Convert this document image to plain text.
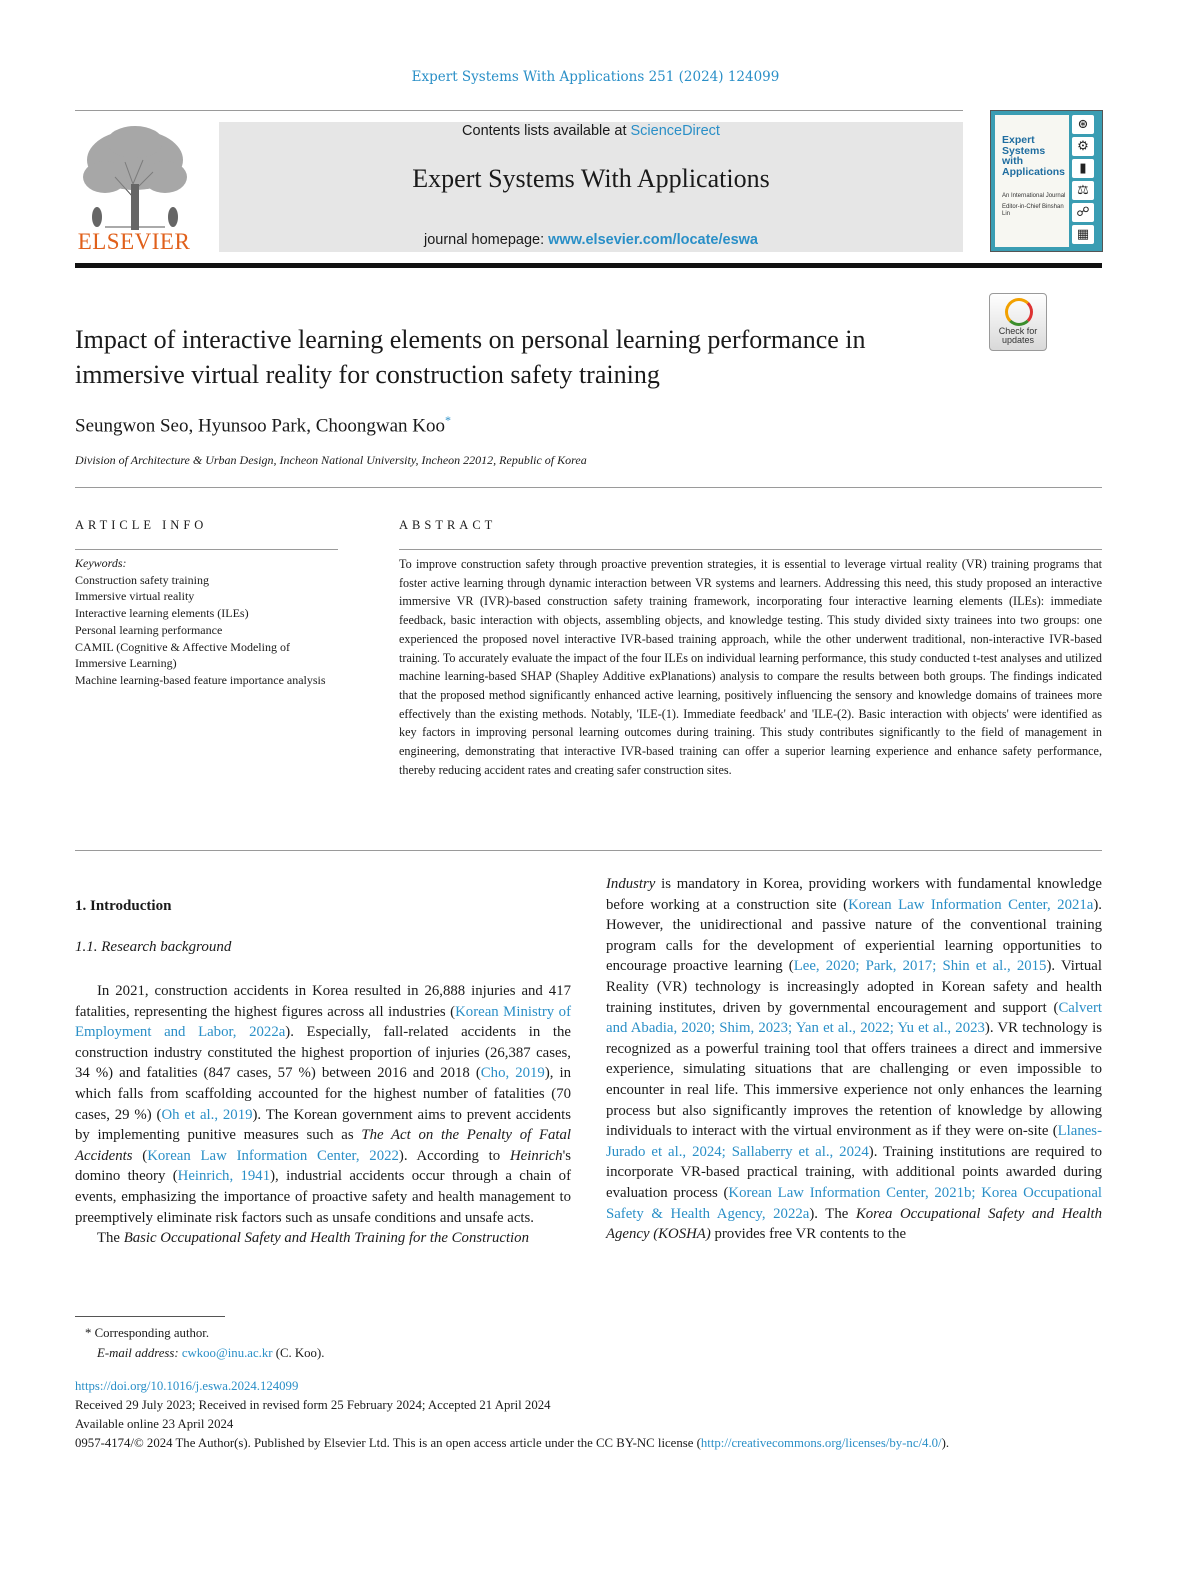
Expert Systems With Applications 251 (2024) 124099
ELSEVIER
Contents lists available at ScienceDirect
Expert Systems With Applications
journal homepage: www.elsevier.com/locate/eswa
Expert
Systems
with
Applications
An International Journal
Editor-in-Chief Binshan Lin
⊛
⚙
▮
⚖
☍
▦
Check for updates
Impact of interactive learning elements on personal learning performance in immersive virtual reality for construction safety training
Seungwon Seo, Hyunsoo Park, Choongwan Koo*
Division of Architecture & Urban Design, Incheon National University, Incheon 22012, Republic of Korea
ARTICLE INFO	ABSTRACT
Keywords:
Construction safety training
Immersive virtual reality
Interactive learning elements (ILEs)
Personal learning performance
CAMIL (Cognitive & Affective Modeling of Immersive Learning)
Machine learning-based feature importance analysis
To improve construction safety through proactive prevention strategies, it is essential to leverage virtual reality (VR) training programs that foster active learning through dynamic interaction between VR systems and learners. Addressing this need, this study proposed an interactive immersive VR (IVR)-based construction safety training framework, incorporating four interactive learning elements (ILEs): immediate feedback, basic interaction with objects, assembling objects, and knowledge testing. This study divided sixty trainees into two groups: one experienced the proposed novel interactive IVR-based training approach, while the other underwent traditional, non-interactive IVR-based training. To accurately evaluate the impact of the four ILEs on individual learning performance, this study conducted t-test analyses and utilized machine learning-based SHAP (Shapley Additive exPlanations) analysis to compare the results between both groups. The findings indicated that the proposed method significantly enhanced active learning, positively influencing the sensory and knowledge domains of trainees more effectively than the existing methods. Notably, 'ILE-(1). Immediate feedback' and 'ILE-(2). Basic interaction with objects' were identified as key factors in improving personal learning outcomes during training. This study contributes significantly to the field of management in engineering, demonstrating that interactive IVR-based training can offer a superior learning experience and enhance safety performance, thereby reducing accident rates and creating safer construction sites.
1. Introduction
1.1. Research background

In 2021, construction accidents in Korea resulted in 26,888 injuries and 417 fatalities, representing the highest figures across all industries (Korean Ministry of Employment and Labor, 2022a). Especially, fall-related accidents in the construction industry constituted the highest proportion of injuries (26,387 cases, 34 %) and fatalities (847 cases, 57 %) between 2016 and 2018 (Cho, 2019), in which falls from scaffolding accounted for the highest number of fatalities (70 cases, 29 %) (Oh et al., 2019). The Korean government aims to prevent accidents by implementing punitive measures such as The Act on the Penalty of Fatal Accidents (Korean Law Information Center, 2022). According to Heinrich's domino theory (Heinrich, 1941), industrial accidents occur through a chain of events, emphasizing the importance of proactive safety and health management to preemptively eliminate risk factors such as unsafe conditions and unsafe acts.

The Basic Occupational Safety and Health Training for the Construction

Industry is mandatory in Korea, providing workers with fundamental knowledge before working at a construction site (Korean Law Information Center, 2021a). However, the unidirectional and passive nature of the conventional training program calls for the development of experiential learning opportunities to encourage proactive learning (Lee, 2020; Park, 2017; Shin et al., 2015). Virtual Reality (VR) technology is increasingly adopted in Korean safety and health training institutes, driven by governmental encouragement and support (Calvert and Abadia, 2020; Shim, 2023; Yan et al., 2022; Yu et al., 2023). VR technology is recognized as a powerful training tool that offers trainees a direct and immersive experience, simulating situations that are challenging or even impossible to encounter in real life. This immersive experience not only enhances the learning process but also significantly improves the retention of knowledge by allowing individuals to interact with the virtual environment as if they were on-site (Llanes-Jurado et al., 2024; Sallaberry et al., 2024). Training institutions are required to incorporate VR-based practical training, with additional points awarded during evaluation process (Korean Law Information Center, 2021b; Korea Occupational Safety & Health Agency, 2022a). The Korea Occupational Safety and Health Agency (KOSHA) provides free VR contents to the

* Corresponding author.
E-mail address: cwkoo@inu.ac.kr (C. Koo).
https://doi.org/10.1016/j.eswa.2024.124099
Received 29 July 2023; Received in revised form 25 February 2024; Accepted 21 April 2024
Available online 23 April 2024
0957-4174/© 2024 The Author(s). Published by Elsevier Ltd. This is an open access article under the CC BY-NC license (http://creativecommons.org/licenses/by-nc/4.0/).
